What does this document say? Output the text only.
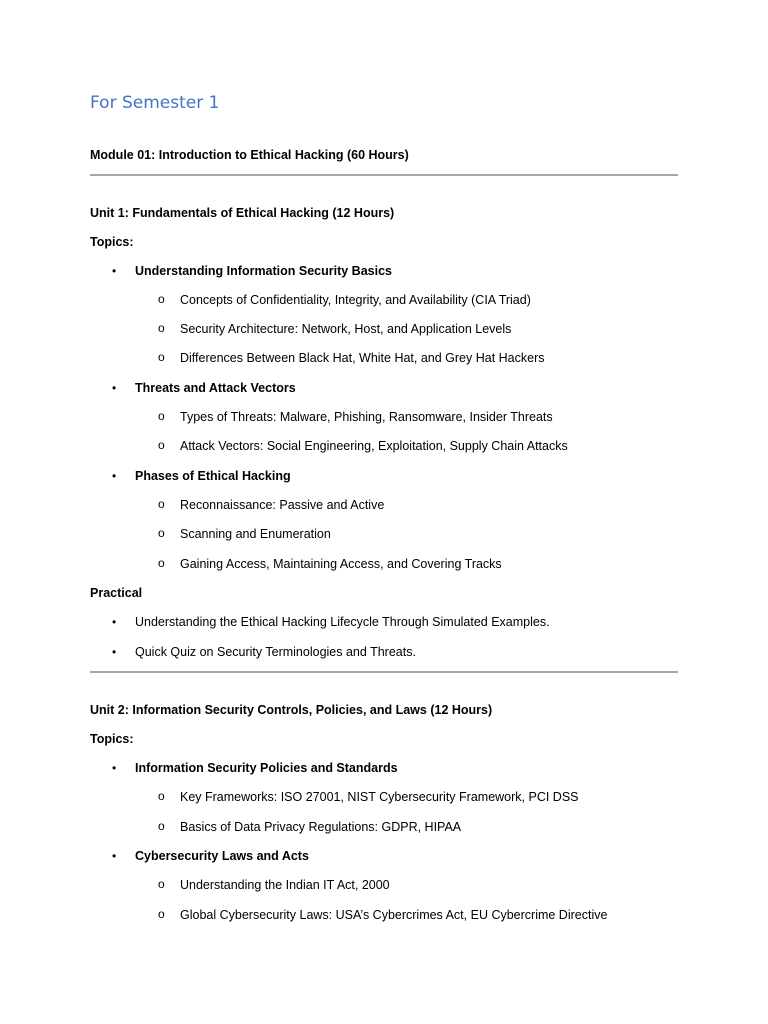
For Semester 1
Module 01: Introduction to Ethical Hacking (60 Hours)
Unit 1: Fundamentals of Ethical Hacking (12 Hours)
Topics:
•	Understanding Information Security Basics
o Concepts of Confidentiality, Integrity, and Availability (CIA Triad)
o Security Architecture: Network, Host, and Application Levels
o Differences Between Black Hat, White Hat, and Grey Hat Hackers
•	Threats and Attack Vectors
o Types of Threats: Malware, Phishing, Ransomware, Insider Threats
o Attack Vectors: Social Engineering, Exploitation, Supply Chain Attacks
•	Phases of Ethical Hacking
o Reconnaissance: Passive and Active
o Scanning and Enumeration
o Gaining Access, Maintaining Access, and Covering Tracks
Practical
•	Understanding the Ethical Hacking Lifecycle Through Simulated Examples.
•	Quick Quiz on Security Terminologies and Threats.
Unit 2: Information Security Controls, Policies, and Laws (12 Hours)
Topics:
•	Information Security Policies and Standards
o Key Frameworks: ISO 27001, NIST Cybersecurity Framework, PCI DSS
o Basics of Data Privacy Regulations: GDPR, HIPAA
•	Cybersecurity Laws and Acts
o Understanding the Indian IT Act, 2000
o Global Cybersecurity Laws: USA’s Cybercrimes Act, EU Cybercrime Directive
